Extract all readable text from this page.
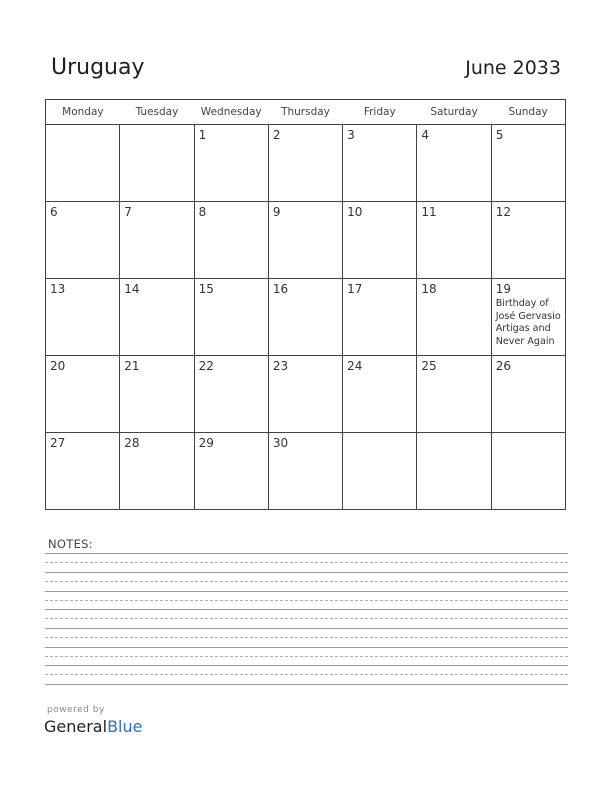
Uruguay	June 2033
Monday	Tuesday	Wednesday	Thursday	Friday	Saturday	Sunday

		1	2	3	4	5

6	7	8	9	10	11	12

13	14	15	16	17	18	19
Birthday of José Gervasio Artigas and Never Again

20	21	22	23	24	25	26

27	28	29	30			

NOTES:
powered by
GeneralBlue
